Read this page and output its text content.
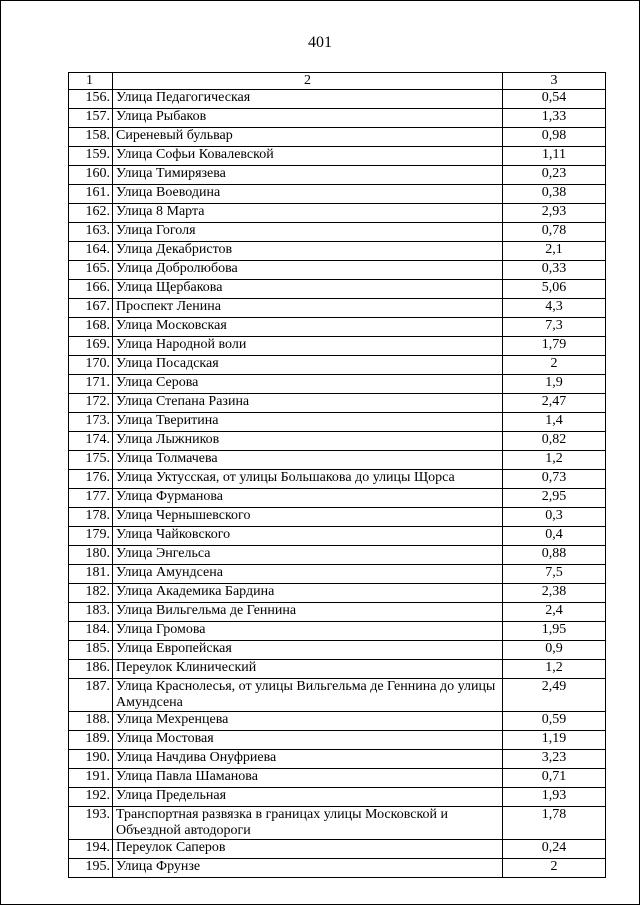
401
1	2	3
156.	Улица Педагогическая	0,54
157.	Улица Рыбаков	1,33
158.	Сиреневый бульвар	0,98
159.	Улица Софьи Ковалевской	1,11
160.	Улица Тимирязева	0,23
161.	Улица Воеводина	0,38
162.	Улица 8 Марта	2,93
163.	Улица Гоголя	0,78
164.	Улица Декабристов	2,1
165.	Улица Добролюбова	0,33
166.	Улица Щербакова	5,06
167.	Проспект Ленина	4,3
168.	Улица Московская	7,3
169.	Улица Народной воли	1,79
170.	Улица Посадская	2
171.	Улица Серова	1,9
172.	Улица Степана Разина	2,47
173.	Улица Тверитина	1,4
174.	Улица Лыжников	0,82
175.	Улица Толмачева	1,2
176.	Улица Уктусская, от улицы Большакова до улицы Щорса	0,73
177.	Улица Фурманова	2,95
178.	Улица Чернышевского	0,3
179.	Улица Чайковского	0,4
180.	Улица Энгельса	0,88
181.	Улица Амундсена	7,5
182.	Улица Академика Бардина	2,38
183.	Улица Вильгельма де Геннина	2,4
184.	Улица Громова	1,95
185.	Улица Европейская	0,9
186.	Переулок Клинический	1,2
187.	Улица Краснолесья, от улицы Вильгельма де Геннина до улицы Амундсена	2,49
188.	Улица Мехренцева	0,59
189.	Улица Мостовая	1,19
190.	Улица Начдива Онуфриева	3,23
191.	Улица Павла Шаманова	0,71
192.	Улица Предельная	1,93
193.	Транспортная развязка в границах улицы Московской и Объездной автодороги	1,78
194.	Переулок Саперов	0,24
195.	Улица Фрунзе	2
